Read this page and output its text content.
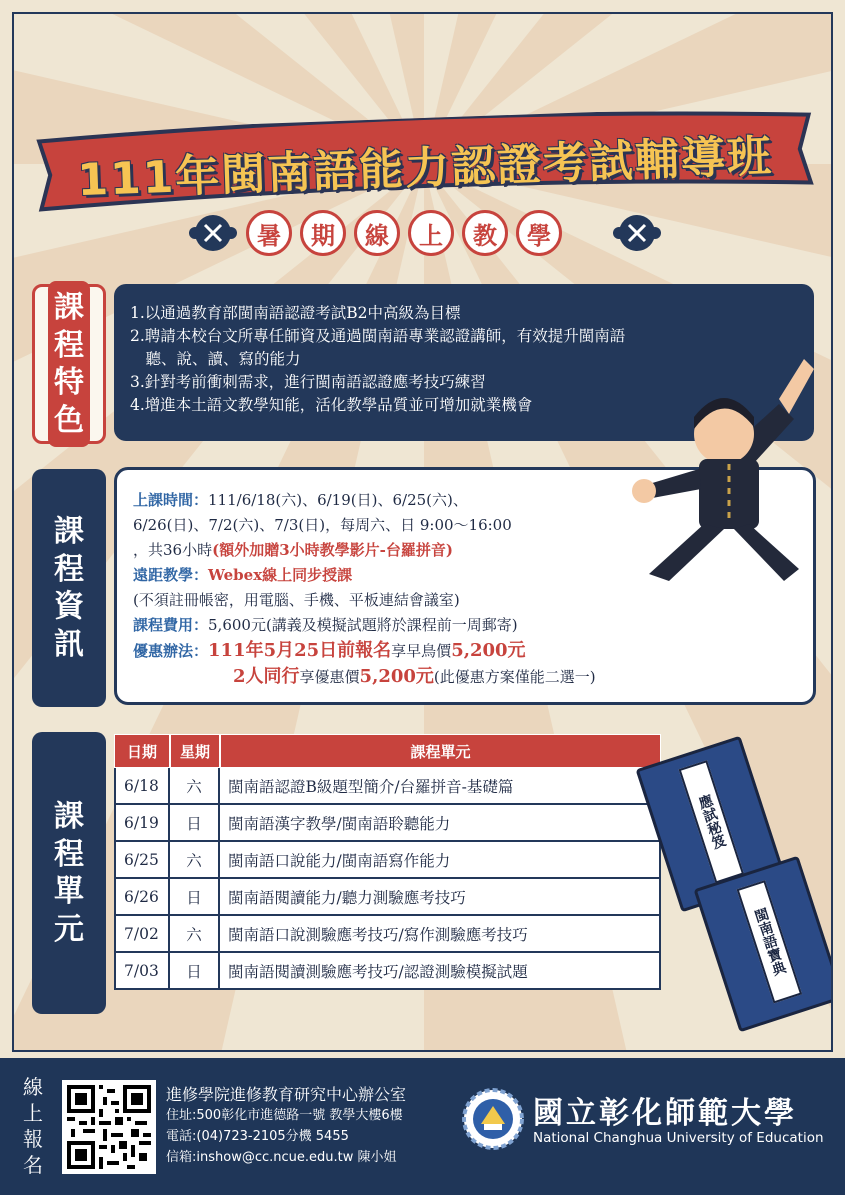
111年閩南語能力認證考試輔導班
暑	期	線	上	教	學
課
程
特
色

1.以通過教育部閩南語認證考試B2中高級為目標

2.聘請本校台文所專任師資及通過閩南語專業認證講師，有效提升閩南語

　聽、說、讀、寫的能力

3.針對考前衝刺需求，進行閩南語認證應考技巧練習

4.增進本土語文教學知能，活化教學品質並可增加就業機會

課
程
資
訊
上課時間：111/6/18(六)、6/19(日)、6/25(六)、
6/26(日)、7/2(六)、7/3(日)，每周六、日 9:00～16:00
，共36小時(額外加贈3小時教學影片-台羅拼音)
遠距教學：Webex線上同步授課
(不須註冊帳密，用電腦、手機、平板連結會議室)
課程費用：5,600元(講義及模擬試題將於課程前一周郵寄)
優惠辦法：111年5月25日前報名享早鳥價5,200元
2人同行享優惠價5,200元(此優惠方案僅能二選一)
課
程
單
元
日期	星期	課程單元
6/18	六	閩南語認證B級題型簡介/台羅拼音-基礎篇
6/19	日	閩南語漢字教學/閩南語聆聽能力
6/25	六	閩南語口說能力/閩南語寫作能力
6/26	日	閩南語閱讀能力/聽力測驗應考技巧
7/02	六	閩南語口說測驗應考技巧/寫作測驗應考技巧
7/03	日	閩南語閱讀測驗應考技巧/認證測驗模擬試題
應試秘笈
閩南語寶典
線
上
報
名
進修學院進修教育研究中心辦公室
住址:500彰化市進德路一號 教學大樓6樓
電話:(04)723-2105分機 5455
信箱:inshow@cc.ncue.edu.tw 陳小姐
國立彰化師範大學
National Changhua University of Education
